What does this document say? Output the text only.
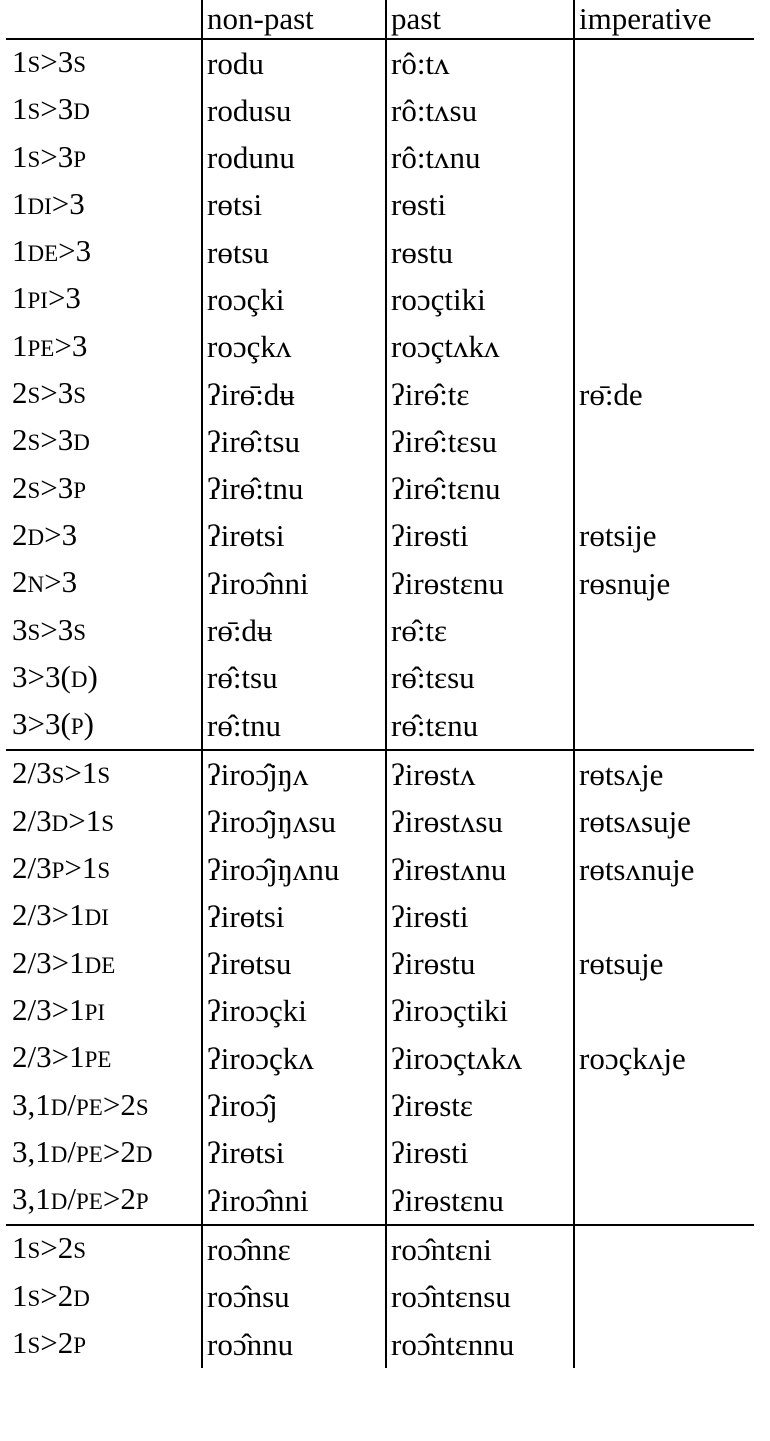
	non-past	past	imperative
1S>3S	rodu	rô:tʌ	
1S>3D	rodusu	rô:tʌsu	
1S>3P	rodunu	rô:tʌnu	
1DI>3	rɵtsi	rɵsti	
1DE>3	rɵtsu	rɵstu	
1PI>3	roɔçki	roɔçtiki	
1PE>3	roɔçkʌ	roɔçtʌkʌ	
2S>3S	ʔirɵ̄:dʉ	ʔirɵ̂:tɛ	rɵ̄:de
2S>3D	ʔirɵ̂:tsu	ʔirɵ̂:tɛsu	
2S>3P	ʔirɵ̂:tnu	ʔirɵ̂:tɛnu	
2D>3	ʔirɵtsi	ʔirɵsti	rɵtsije
2N>3	ʔiroɔ̂nni	ʔirɵstɛnu	rɵsnuje
3S>3S	rɵ̄:dʉ	rɵ̂:tɛ	
3>3(D)	rɵ̂:tsu	rɵ̂:tɛsu	
3>3(P)	rɵ̂:tnu	rɵ̂:tɛnu	
2/3S>1S	ʔiroɔ̂jŋʌ	ʔirɵstʌ	rɵtsʌje
2/3D>1S	ʔiroɔ̂jŋʌsu	ʔirɵstʌsu	rɵtsʌsuje
2/3P>1S	ʔiroɔ̂jŋʌnu	ʔirɵstʌnu	rɵtsʌnuje
2/3>1DI	ʔirɵtsi	ʔirɵsti	
2/3>1DE	ʔirɵtsu	ʔirɵstu	rɵtsuje
2/3>1PI	ʔiroɔçki	ʔiroɔçtiki	
2/3>1PE	ʔiroɔçkʌ	ʔiroɔçtʌkʌ	roɔçkʌje
3,1D/PE>2S	ʔiroɔ̂j	ʔirɵstɛ	
3,1D/PE>2D	ʔirɵtsi	ʔirɵsti	
3,1D/PE>2P	ʔiroɔ̂nni	ʔirɵstɛnu	
1S>2S	roɔ̂nnɛ	roɔ̂ntɛni	
1S>2D	roɔ̂nsu	roɔ̂ntɛnsu	
1S>2P	roɔ̂nnu	roɔ̂ntɛnnu	
